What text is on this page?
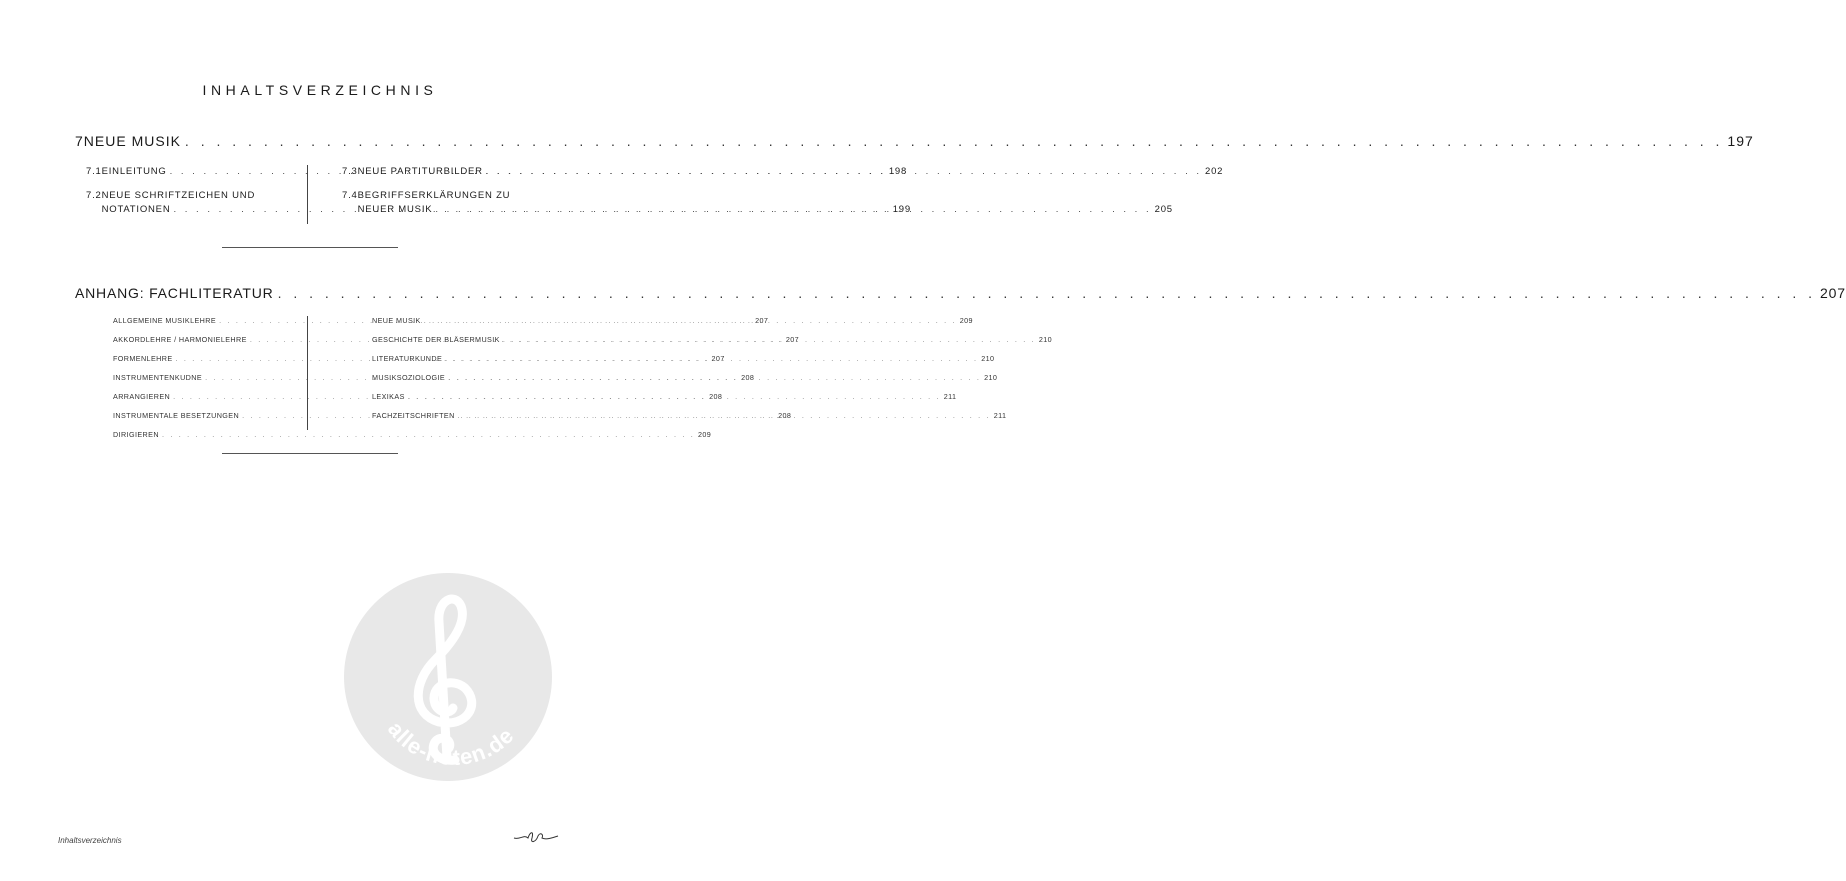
INHALTSVERZEICHNIS
7 NEUE MUSIK . . .	197
7.1 EINLEITUNG . . .	198
7.2 NEUE SCHRIFTZEICHEN UND
NOTATIONEN . . .	199
7.3 NEUE PARTITURBILDER . . .	202
7.4 BEGRIFFSERKLÄRUNGEN ZU
NEUER MUSIK . . .	205
ANHANG: FACHLITERATUR . . .	207
ALLGEMEINE MUSIKLEHRE . . .	207
AKKORDLEHRE / HARMONIELEHRE . . .	207
FORMENLEHRE . . .	207
INSTRUMENTENKUDNE . . .	208
ARRANGIEREN . . .	208
INSTRUMENTALE BESETZUNGEN . . .	208
DIRIGIEREN . . .	209
NEUE MUSIK . . .	209
GESCHICHTE DER BLÄSERMUSIK . . .	210
LITERATURKUNDE . . .	210
MUSIKSOZIOLOGIE . . .	210
LEXIKAS . . .	211
FACHZEITSCHRIFTEN . . .	211
alle-noten.de
Inhaltsverzeichnis
